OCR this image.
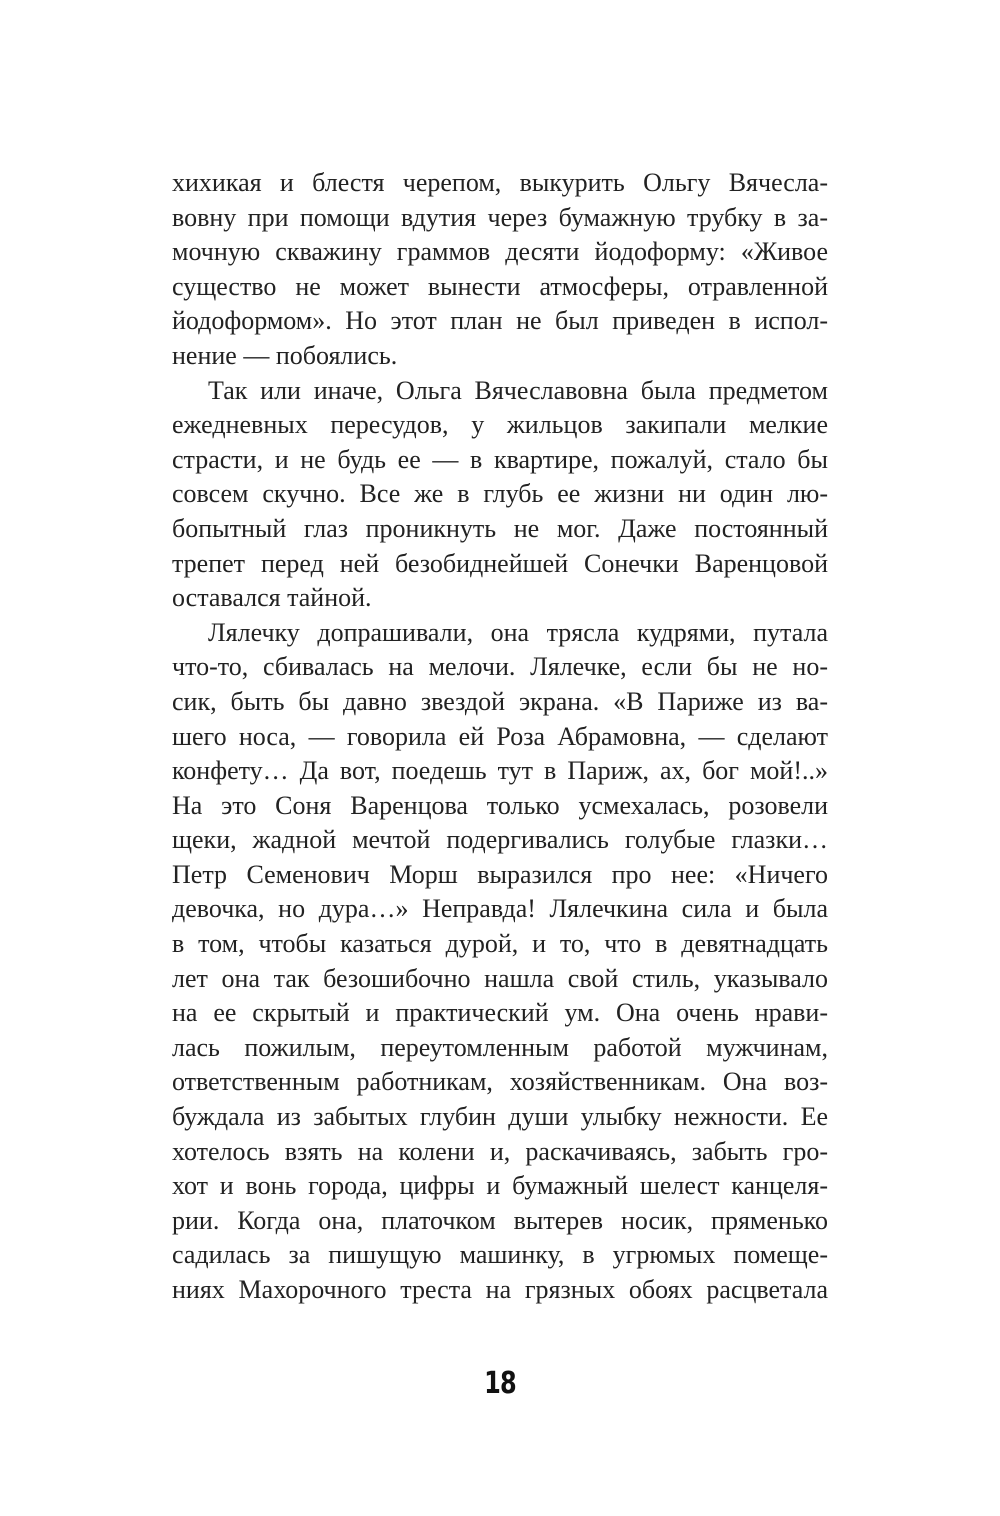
хихикая и блестя черепом, выкурить Ольгу Вячесла-
вовну при помощи вдутия через бумажную трубку в за-
мочную скважину граммов десяти йодоформу: «Живое
существо не может вынести атмосферы, отравленной
йодоформом». Но этот план не был приведен в испол-
нение — побоялись.
Так или иначе, Ольга Вячеславовна была предметом
ежедневных пересудов, у жильцов закипали мелкие
страсти, и не будь ее — в квартире, пожалуй, стало бы
совсем скучно. Все же в глубь ее жизни ни один лю-
бопытный глаз проникнуть не мог. Даже постоянный
трепет перед ней безобиднейшей Сонечки Варенцовой
оставался тайной.
Лялечку допрашивали, она трясла кудрями, путала
что-то, сбивалась на мелочи. Лялечке, если бы не но-
сик, быть бы давно звездой экрана. «В Париже из ва-
шего носа, — говорила ей Роза Абрамовна, — сделают
конфету… Да вот, поедешь тут в Париж, ах, бог мой!..»
На это Соня Варенцова только усмехалась, розовели
щеки, жадной мечтой подергивались голубые глазки…
Петр Семенович Морш выразился про нее: «Ничего
девочка, но дура…» Неправда! Лялечкина сила и была
в том, чтобы казаться дурой, и то, что в девятнадцать
лет она так безошибочно нашла свой стиль, указывало
на ее скрытый и практический ум. Она очень нрави-
лась пожилым, переутомленным работой мужчинам,
ответственным работникам, хозяйственникам. Она воз-
буждала из забытых глубин души улыбку нежности. Ее
хотелось взять на колени и, раскачиваясь, забыть гро-
хот и вонь города, цифры и бумажный шелест канцеля-
рии. Когда она, платочком вытерев носик, пряменько
садилась за пишущую машинку, в угрюмых помеще-
ниях Махорочного треста на грязных обоях расцветала
18
